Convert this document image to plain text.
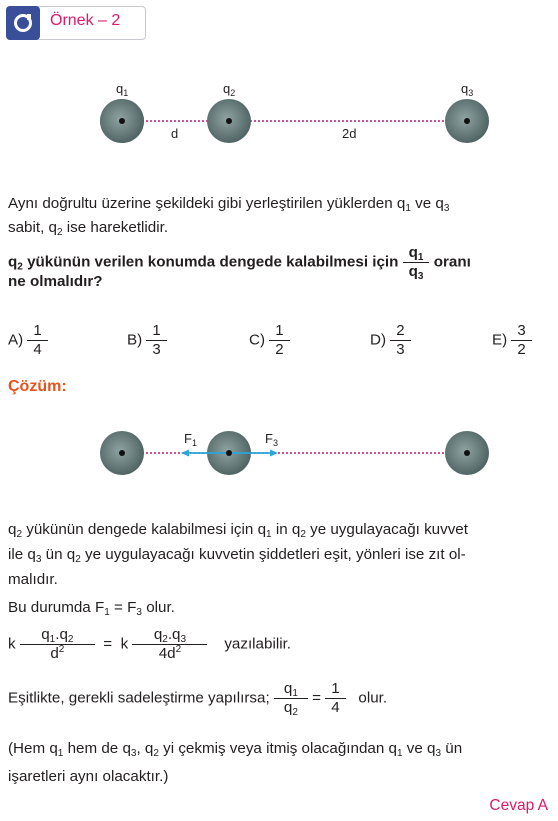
Örnek – 2
$q_1$	$q_2$	$q_3$
d	2d
Aynı doğrultu üzerine şekildeki gibi yerleştirilen yüklerden $q_1$ ve $q_3$
sabit, $q_2$ ise hareketlidir.
$q_2$ yükünün verilen konumda dengede kalabilmesi için $\frac{q_1}{q_3}$ oranı
ne olmalıdır?
$A) \frac{1}{4}$	$B) \frac{1}{3}$	$C) \frac{1}{2}$	$D) \frac{2}{3}$	$E) \frac{3}{2}$
Çözüm:
$F_1$	$F_3$
$q_2$ yükünün dengede kalabilmesi için $q_1$ in $q_2$ ye uygulayacağı kuvvet
ile $q_3$ ün $q_2$ ye uygulayacağı kuvvetin şiddetleri eşit, yönleri ise zıt ol-
malıdır.
Bu durumda $F_1 = F_3$ olur.
k $\frac{q_1.q_2}{d^2} = k \frac{q_2.q_3}{4d^2}$ yazılabilir.
Eşitlikte, gerekli sadeleştirme yapılırsa; $\frac{q_1}{q_2} = \frac{1}{4}$ olur.
(Hem $q_1$ hem de $q_3$, $q_2$ yi çekmiş veya itmiş olacağından $q_1$ ve $q_3$ ün
işaretleri aynı olacaktır.)
Cevap A
